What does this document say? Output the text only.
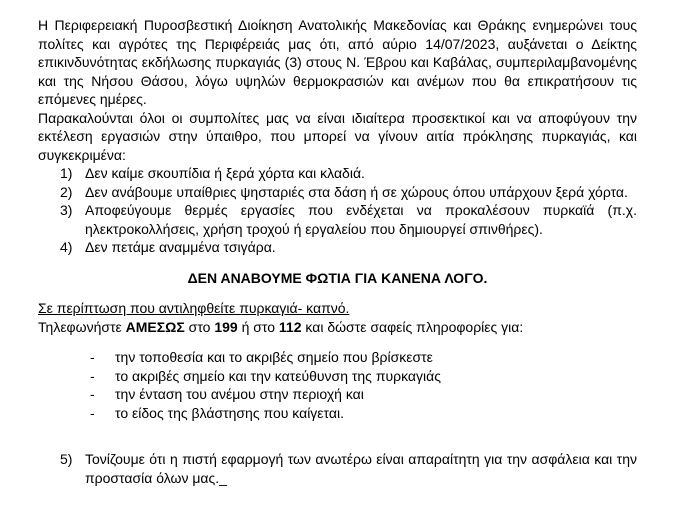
Η Περιφερειακή Πυροσβεστική Διοίκηση Ανατολικής Μακεδονίας και Θράκης ενημερώνει τους πολίτες και αγρότες της Περιφέρειάς μας ότι, από αύριο 14/07/2023, αυξάνεται ο Δείκτης επικινδυνότητας εκδήλωσης πυρκαγιάς (3) στους Ν. Έβρου και Καβάλας, συμπεριλαμβανομένης και της Νήσου Θάσου, λόγω υψηλών θερμοκρασιών και ανέμων που θα επικρατήσουν τις επόμενες ημέρες.

Παρακαλούνται όλοι οι συμπολίτες μας να είναι ιδιαίτερα προσεκτικοί και να αποφύγουν την εκτέλεση εργασιών στην ύπαιθρο, που μπορεί να γίνουν αιτία πρόκλησης πυρκαγιάς, και συγκεκριμένα:

1) Δεν καίμε σκουπίδια ή ξερά χόρτα και κλαδιά.
2) Δεν ανάβουμε υπαίθριες ψησταριές στα δάση ή σε χώρους όπου υπάρχουν ξερά χόρτα.
3) Αποφεύγουμε θερμές εργασίες που ενδέχεται να προκαλέσουν πυρκαϊά (π.χ. ηλεκτροκολλήσεις, χρήση τροχού ή εργαλείου που δημιουργεί σπινθήρες).
4) Δεν πετάμε αναμμένα τσιγάρα.

ΔΕΝ ΑΝΑΒΟΥΜΕ ΦΩΤΙΑ ΓΙΑ ΚΑΝΕΝΑ ΛΟΓΟ.

Σε περίπτωση που αντιληφθείτε πυρκαγιά- καπνό.

Τηλεφωνήστε ΑΜΕΣΩΣ στο 199 ή στο 112 και δώστε σαφείς πληροφορίες για:

-	την τοποθεσία και το ακριβές σημείο που βρίσκεστε
-	το ακριβές σημείο και την κατεύθυνση της πυρκαγιάς
-	την ένταση του ανέμου στην περιοχή και
-	το είδος της βλάστησης που καίγεται.
5) Τονίζουμε ότι η πιστή εφαρμογή των ανωτέρω είναι απαραίτητη για την ασφάλεια και την προστασία όλων μας._
